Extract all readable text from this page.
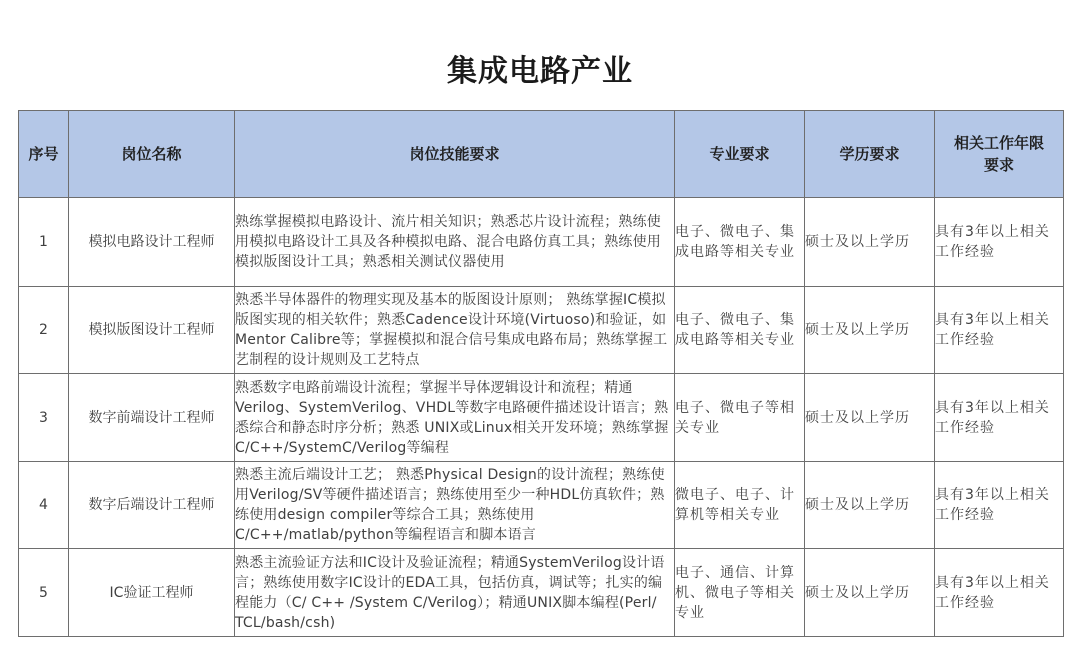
集成电路产业
序号	岗位名称	岗位技能要求	专业要求	学历要求	相关工作年限要求
1	模拟电路设计工程师	熟练掌握模拟电路设计、流片相关知识；熟悉芯片设计流程；熟练使用模拟电路设计工具及各种模拟电路、混合电路仿真工具；熟练使用模拟版图设计工具；熟悉相关测试仪器使用	电子、微电子、集成电路等相关专业	硕士及以上学历	具有3年以上相关工作经验
2	模拟版图设计工程师	熟悉半导体器件的物理实现及基本的版图设计原则； 熟练掌握IC模拟版图实现的相关软件；熟悉Cadence设计环境(Virtuoso)和验证，如Mentor Calibre等；掌握模拟和混合信号集成电路布局；熟练掌握工艺制程的设计规则及工艺特点	电子、微电子、集成电路等相关专业	硕士及以上学历	具有3年以上相关工作经验
3	数字前端设计工程师	熟悉数字电路前端设计流程；掌握半导体逻辑设计和流程；精通Verilog、SystemVerilog、VHDL等数字电路硬件描述设计语言；熟悉综合和静态时序分析；熟悉 UNIX或Linux相关开发环境；熟练掌握C/C++/SystemC/Verilog等编程	电子、微电子等相关专业	硕士及以上学历	具有3年以上相关工作经验
4	数字后端设计工程师	熟悉主流后端设计工艺； 熟悉Physical Design的设计流程；熟练使用Verilog/SV等硬件描述语言；熟练使用至少一种HDL仿真软件；熟练使用design compiler等综合工具；熟练使用C/C++/matlab/python等编程语言和脚本语言	微电子、电子、计算机等相关专业	硕士及以上学历	具有3年以上相关工作经验
5	IC验证工程师	熟悉主流验证方法和IC设计及验证流程；精通SystemVerilog设计语言；熟练使用数字IC设计的EDA工具，包括仿真，调试等；扎实的编程能力（C/ C++ /System C/Verilog）；精通UNIX脚本编程(Perl/ TCL/bash/csh)	电子、通信、计算机、微电子等相关专业	硕士及以上学历	具有3年以上相关工作经验
